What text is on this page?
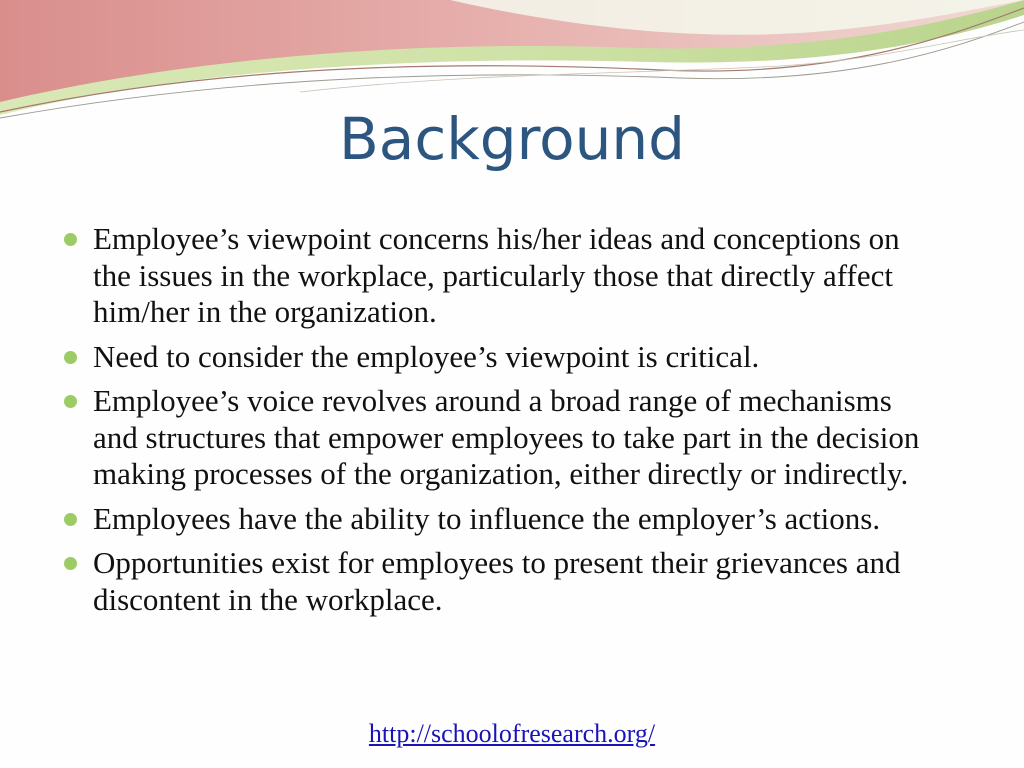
Background
Employee’s viewpoint concerns his/her ideas and conceptions on the issues in the workplace, particularly those that directly affect him/her in the organization.
Need to consider the employee’s viewpoint is critical.
Employee’s voice revolves around a broad range of mechanisms and structures that empower employees to take part in the decision making processes of the organization, either directly or indirectly.
Employees have the ability to influence the employer’s actions.
Opportunities exist for employees to present their grievances and discontent in the workplace.
http://schoolofresearch.org/
